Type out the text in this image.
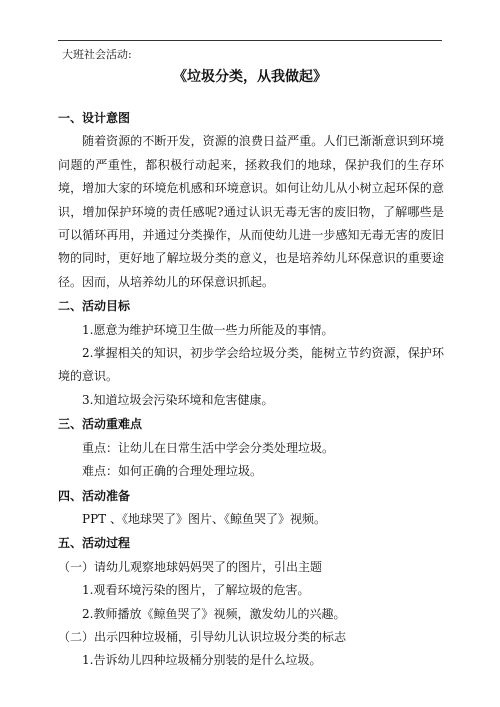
大班社会活动:
《垃圾分类，从我做起》
一、设计意图
随着资源的不断开发，资源的浪费日益严重。人们已渐渐意识到环境问题的严重性，都积极行动起来，拯救我们的地球，保护我们的生存环境，增加大家的环境危机感和环境意识。如何让幼儿从小树立起环保的意识，增加保护环境的责任感呢?通过认识无毒无害的废旧物，了解哪些是可以循环再用，并通过分类操作，从而使幼儿进一步感知无毒无害的废旧物的同时，更好地了解垃圾分类的意义，也是培养幼儿环保意识的重要途径。因而，从培养幼儿的环保意识抓起。
二、活动目标
1.愿意为维护环境卫生做一些力所能及的事情。
2.掌握相关的知识，初步学会给垃圾分类，能树立节约资源，保护环境的意识。
3.知道垃圾会污染环境和危害健康。
三、活动重难点
重点：让幼儿在日常生活中学会分类处理垃圾。
难点：如何正确的合理处理垃圾。
四、活动准备
PPT 、《地球哭了》图片、《鲸鱼哭了》视频。
五、活动过程
（一）请幼儿观察地球妈妈哭了的图片，引出主题
1.观看环境污染的图片，了解垃圾的危害。
2.教师播放《鲸鱼哭了》视频，激发幼儿的兴趣。
（二）出示四种垃圾桶，引导幼儿认识垃圾分类的标志
1.告诉幼儿四种垃圾桶分别装的是什么垃圾。
